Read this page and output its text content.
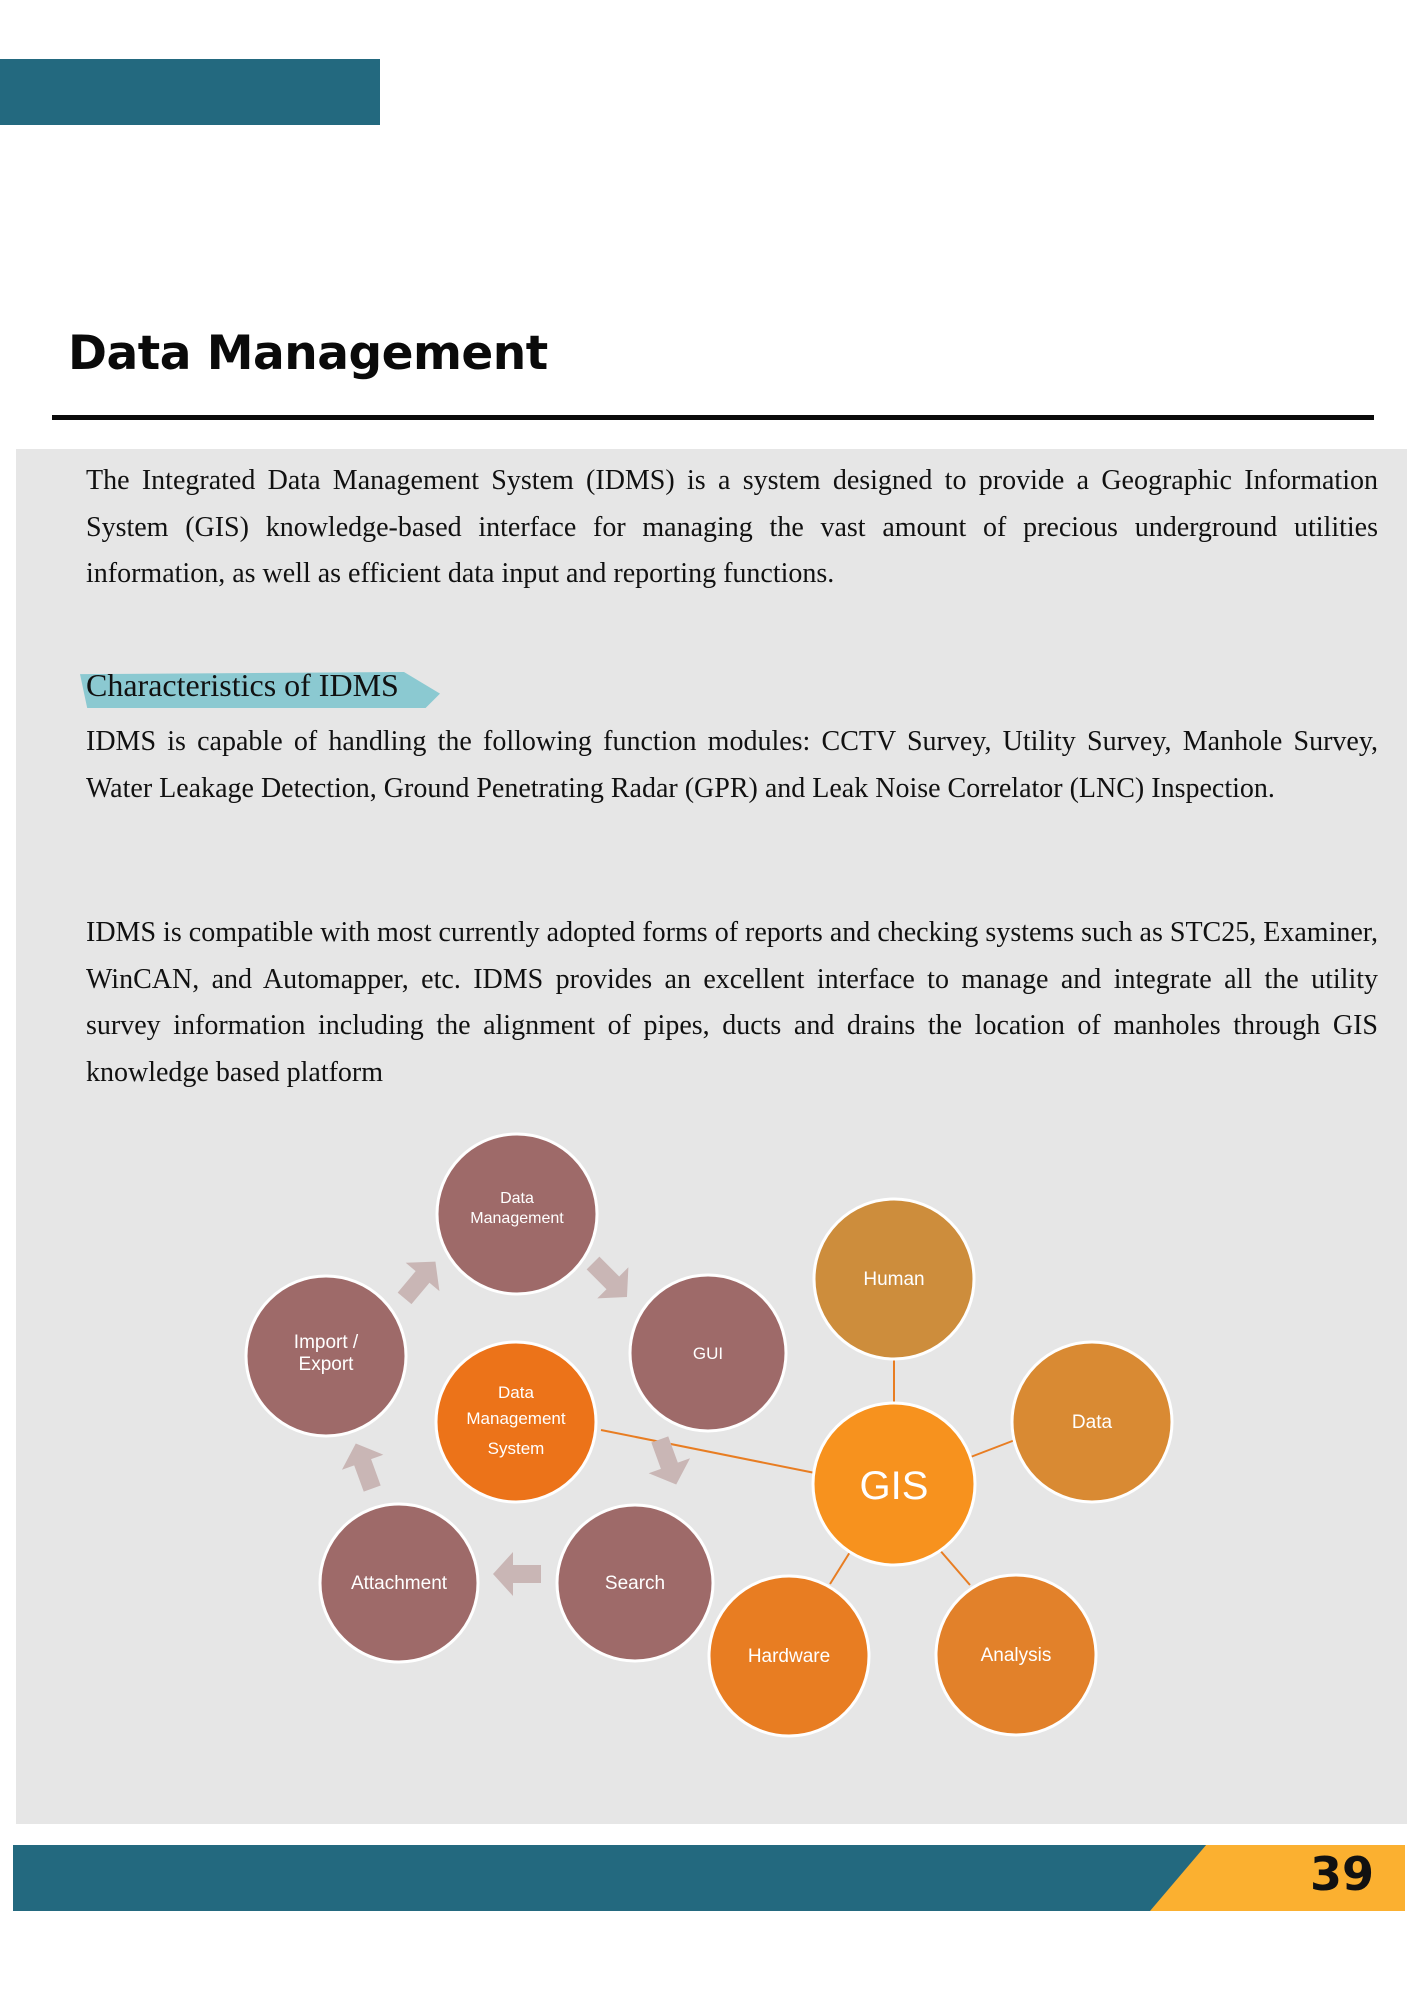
Data Management

The Integrated Data Management System (IDMS) is a system designed to provide a Geographic Information System (GIS) knowledge-based interface for managing the vast amount of precious underground utilities information, as well as efficient data input and reporting functions.

Characteristics of IDMS

IDMS is capable of handling the following function modules: CCTV Survey, Utility Survey, Manhole Survey, Water Leakage Detection, Ground Penetrating Radar (GPR) and Leak Noise Correlator (LNC) Inspection.

IDMS is compatible with most currently adopted forms of reports and checking systems such as STC25, Examiner, WinCAN, and Automapper, etc. IDMS provides an excellent interface to manage and integrate all the utility survey information including the alignment of pipes, ducts and drains the location of manholes through GIS knowledge based platform

Data
Management
GUI
Search
Attachment
Import /
Export
Data
Management
System
GIS
Human
Data
Analysis
Hardware
39
